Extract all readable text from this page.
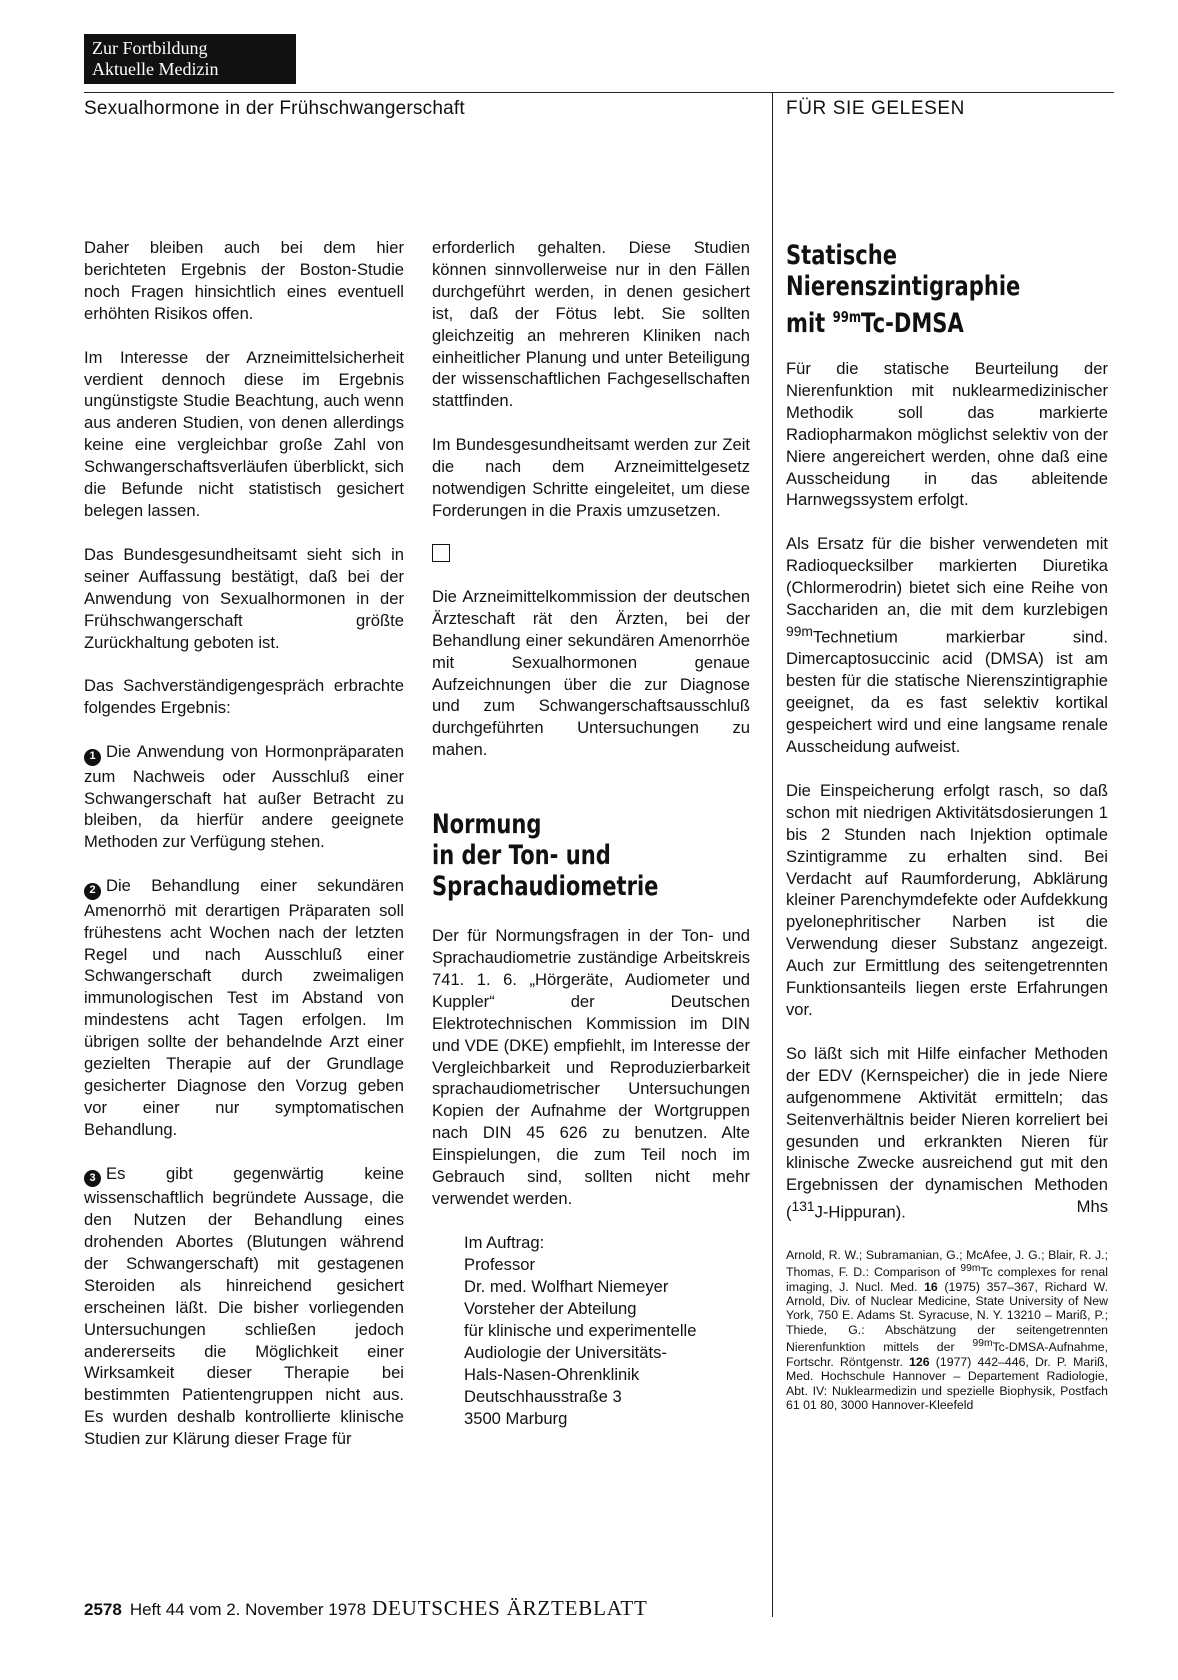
Zur Fortbildung
Aktuelle Medizin
Sexualhormone in der Frühschwangerschaft	FÜR SIE GELESEN

Daher bleiben auch bei dem hier berichteten Ergebnis der Boston-Studie noch Fragen hinsichtlich eines eventuell erhöhten Risikos offen.

Im Interesse der Arzneimittelsicherheit verdient dennoch diese im Ergebnis ungünstigste Studie Beachtung, auch wenn aus anderen Studien, von denen allerdings keine eine vergleichbar große Zahl von Schwangerschaftsverläufen überblickt, sich die Befunde nicht statistisch gesichert belegen lassen.

Das Bundesgesundheitsamt sieht sich in seiner Auffassung bestätigt, daß bei der Anwendung von Sexualhormonen in der Frühschwangerschaft größte Zurückhaltung geboten ist.

Das Sachverständigengespräch erbrachte folgendes Ergebnis:

1 Die Anwendung von Hormonpräparaten zum Nachweis oder Ausschluß einer Schwangerschaft hat außer Betracht zu bleiben, da hierfür andere geeignete Methoden zur Verfügung stehen.

2 Die Behandlung einer sekundären Amenorrhö mit derartigen Präparaten soll frühestens acht Wochen nach der letzten Regel und nach Ausschluß einer Schwangerschaft durch zweimaligen immunologischen Test im Abstand von mindestens acht Tagen erfolgen. Im übrigen sollte der behandelnde Arzt einer gezielten Therapie auf der Grundlage gesicherter Diagnose den Vorzug geben vor einer nur symptomatischen Behandlung.

3 Es gibt gegenwärtig keine wissenschaftlich begründete Aussage, die den Nutzen der Behandlung eines drohenden Abortes (Blutungen während der Schwangerschaft) mit gestagenen Steroiden als hinreichend gesichert erscheinen läßt. Die bisher vorliegenden Untersuchungen schließen jedoch andererseits die Möglichkeit einer Wirksamkeit dieser Therapie bei bestimmten Patientengruppen nicht aus. Es wurden deshalb kontrollierte klinische Studien zur Klärung dieser Frage für

erforderlich gehalten. Diese Studien können sinnvollerweise nur in den Fällen durchgeführt werden, in denen gesichert ist, daß der Fötus lebt. Sie sollten gleichzeitig an mehreren Kliniken nach einheitlicher Planung und unter Beteiligung der wissenschaftlichen Fachgesellschaften stattfinden.

Im Bundesgesundheitsamt werden zur Zeit die nach dem Arzneimittelgesetz notwendigen Schritte eingeleitet, um diese Forderungen in die Praxis umzusetzen.

Die Arzneimittelkommission der deutschen Ärzteschaft rät den Ärzten, bei der Behandlung einer sekundären Amenorrhöe mit Sexualhormonen genaue Aufzeichnungen über die zur Diagnose und zum Schwangerschaftsausschluß durchgeführten Untersuchungen zu mahen.

Normung
in der Ton- und
Sprachaudiometrie

Der für Normungsfragen in der Ton- und Sprachaudiometrie zuständige Arbeitskreis 741. 1. 6. „Hörgeräte, Audiometer und Kuppler“ der Deutschen Elektrotechnischen Kommission im DIN und VDE (DKE) empfiehlt, im Interesse der Vergleichbarkeit und Reproduzierbarkeit sprachaudiometrischer Untersuchungen Kopien der Aufnahme der Wortgruppen nach DIN 45 626 zu benutzen. Alte Einspielungen, die zum Teil noch im Gebrauch sind, sollten nicht mehr verwendet werden.

Im Auftrag:
Professor
Dr. med. Wolfhart Niemeyer
Vorsteher der Abteilung
für klinische und experimentelle
Audiologie der Universitäts-
Hals-Nasen-Ohrenklinik
Deutschhausstraße 3
3500 Marburg
Statische
Nierenszintigraphie
mit $^{99m}$Tc-DMSA

Für die statische Beurteilung der Nierenfunktion mit nuklearmedizinischer Methodik soll das markierte Radiopharmakon möglichst selektiv von der Niere angereichert werden, ohne daß eine Ausscheidung in das ableitende Harnwegssystem erfolgt.

Als Ersatz für die bisher verwendeten mit Radioquecksilber markierten Diuretika (Chlormerodrin) bietet sich eine Reihe von Sacchariden an, die mit dem kurzlebigen $^{99m}$Technetium markierbar sind. Dimercaptosuccinic acid (DMSA) ist am besten für die statische Nierenszintigraphie geeignet, da es fast selektiv kortikal gespeichert wird und eine langsame renale Ausscheidung aufweist.

Die Einspeicherung erfolgt rasch, so daß schon mit niedrigen Aktivitätsdosierungen 1 bis 2 Stunden nach Injektion optimale Szintigramme zu erhalten sind. Bei Verdacht auf Raumforderung, Abklärung kleiner Parenchymdefekte oder Aufdekkung pyelonephritischer Narben ist die Verwendung dieser Substanz angezeigt. Auch zur Ermittlung des seitengetrennten Funktionsanteils liegen erste Erfahrungen vor.

So läßt sich mit Hilfe einfacher Methoden der EDV (Kernspeicher) die in jede Niere aufgenommene Aktivität ermitteln; das Seitenverhältnis beider Nieren korreliert bei gesunden und erkrankten Nieren für klinische Zwecke ausreichend gut mit den Ergebnissen der dynamischen Methoden ($^{131}$J-Hippuran).	Mhs

Arnold, R. W.; Subramanian, G.; McAfee, J. G.; Blair, R. J.; Thomas, F. D.: Comparison of $^{99m}$Tc complexes for renal imaging, J. Nucl. Med. 16 (1975) 357–367, Richard W. Arnold, Div. of Nuclear Medicine, State University of New York, 750 E. Adams St. Syracuse, N. Y. 13210 – Mariß, P.; Thiede, G.: Abschätzung der seitengetrennten Nierenfunktion mittels der $^{99m}$Tc-DMSA-Aufnahme, Fortschr. Röntgenstr. 126 (1977) 442–446, Dr. P. Mariß, Med. Hochschule Hannover – Departement Radiologie, Abt. IV: Nuklearmedizin und spezielle Biophysik, Postfach 61 01 80, 3000 Hannover-Kleefeld
2578 Heft 44 vom 2. November 1978 DEUTSCHES ÄRZTEBLATT
